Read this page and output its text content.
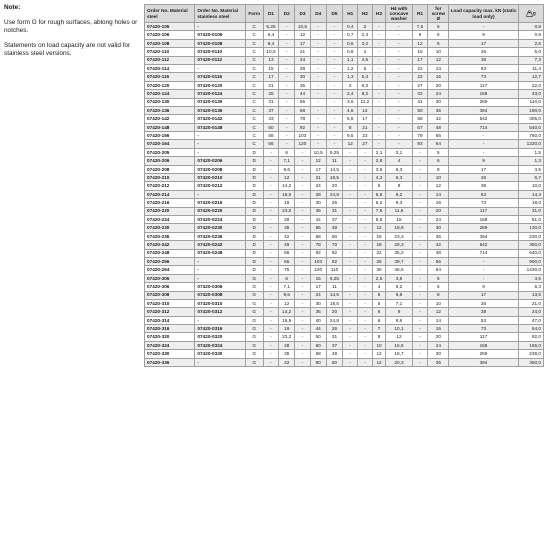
Note:

Use form G for rough surfaces, ablong holes or notches.

Statements on load capacity are not valid for stainless steel versions.

Order No. Material steel	Order No. Material stainless steel	Form	D1	D2	D3	D4	D5	H1	H2	H3	H4 with concave washer	R1	for screw Ø	Load capacity max. kN (static load only)	g
07420-105	-	C	5,25	-	10,5	-	-	0,4	2	-	-	7,5	5	-	0,8
07420-106	07420-0106	C	6,4	-	12	-	-	0,7	2,3	-	-	9	6	9	0,9
07420-108	07420-0108	C	8,4	-	17	-	-	0,6	3,2	-	-	12	8	17	2,5
07420-110	07420-0110	C	10,5	-	21	-	-	0,8	4	-	-	15	10	26	5,0
07420-112	07420-0112	C	13	-	24	-	-	1,1	4,6	-	-	17	12	38	7,3
07420-114	-	C	15	-	28	-	-	1,2	5	-	-	22	14	53	11,4
07420-116	07420-0116	C	17	-	30	-	-	1,3	5,3	-	-	22	16	73	12,7
07420-120	07420-0120	C	21	-	36	-	-	2	6,3	-	-	27	20	117	22,0
07420-124	07420-0124	C	25	-	44	-	-	2,4	8,2	-	-	32	24	168	43,0
07420-130	07420-0130	C	31	-	56	-	-	3,6	11,2	-	-	41	30	269	110,0
07420-136	07420-0136	C	37	-	68	-	-	4,6	14	-	-	50	36	394	190,0
07420-142	07420-0142	C	43	-	78	-	-	6,5	17	-	-	58	42	542	305,0
07420-148	07420-0148	C	50	-	92	-	-	8	21	-	-	67	48	714	540,0
07420-156	-	C	58	-	103	-	-	9,5	23	-	-	79	56	-	760,0
07420-164	-	C	66	-	120	-	-	12	27	-	-	93	64	-	1220,0
07420-205	-	D	-	6	-	10,5	9,25	-	-	2,1	3,1	-	5	-	1,5
07420-206	07420-0206	D	-	7,1	-	12	11	-	-	2,8	4	-	6	9	1,3
07420-208	07420-0208	D	-	9,6	-	17	14,5	-	-	3,5	5,3	-	8	17	3,5
07420-210	07420-0210	D	-	12	-	21	18,5	-	-	4,2	6,3	-	10	26	6,7
07420-212	07420-0212	D	-	14,2	-	24	20	-	-	5	8	-	12	38	10,0
07420-214	-	D	-	16,5	-	28	24,8	-	-	5,6	8,2	-	14	53	14,4
07420-216	07420-0216	D	-	19	-	30	26	-	-	6,2	9,3	-	16	73	18,0
07420-220	07420-0220	D	-	23,2	-	36	31	-	-	7,5	11,6	-	20	117	31,0
07420-224	07420-0224	D	-	28	-	44	37	-	-	9,5	15	-	24	168	61,0
07420-230	07420-0230	D	-	35	-	56	49	-	-	12	18,9	-	30	269	130,0
07420-236	07420-0236	D	-	42	-	68	60	-	-	15	23,3	-	36	394	230,0
07420-242	07420-0242	D	-	49	-	78	70	-	-	18	28,3	-	42	542	360,0
07420-248	07420-0248	D	-	56	-	92	82	-	-	22	35,2	-	48	714	640,0
07420-256	-	D	-	65	-	103	92	-	-	25	39,7	-	56	-	900,0
07420-264	-	D	-	75	-	120	110	-	-	30	46,5	-	64	-	1430,0
07420-305	-	G	-	6	-	15	9,25	-	-	2,5	3,5	-	5	-	3,5
07420-306	07420-0306	G	-	7,1	-	17	11	-	-	4	5,2	-	6	9	5,3
07420-308	07420-0308	G	-	9,6	-	24	14,5	-	-	5	6,8	-	8	17	13,5
07420-310	07420-0310	G	-	12	-	30	18,5	-	-	5	7,1	-	10	26	21,0
07420-312	07420-0312	G	-	14,2	-	36	20	-	-	6	9	-	12	38	24,0
07420-314	-	G	-	16,5	-	40	24,8	-	-	6	8,6	-	14	53	47,0
07420-316	07420-0316	G	-	19	-	44	26	-	-	7	10,1	-	16	73	64,0
07420-320	07420-0320	G	-	23,2	-	50	31	-	-	8	12	-	20	117	92,0
07420-324	07420-0324	G	-	28	-	60	37	-	-	10	15,5	-	24	168	165,0
07420-330	07420-0330	G	-	35	-	68	49	-	-	12	18,7	-	30	269	238,0
07420-336	-	G	-	42	-	80	60	-	-	12	20,3	-	36	394	350,0
